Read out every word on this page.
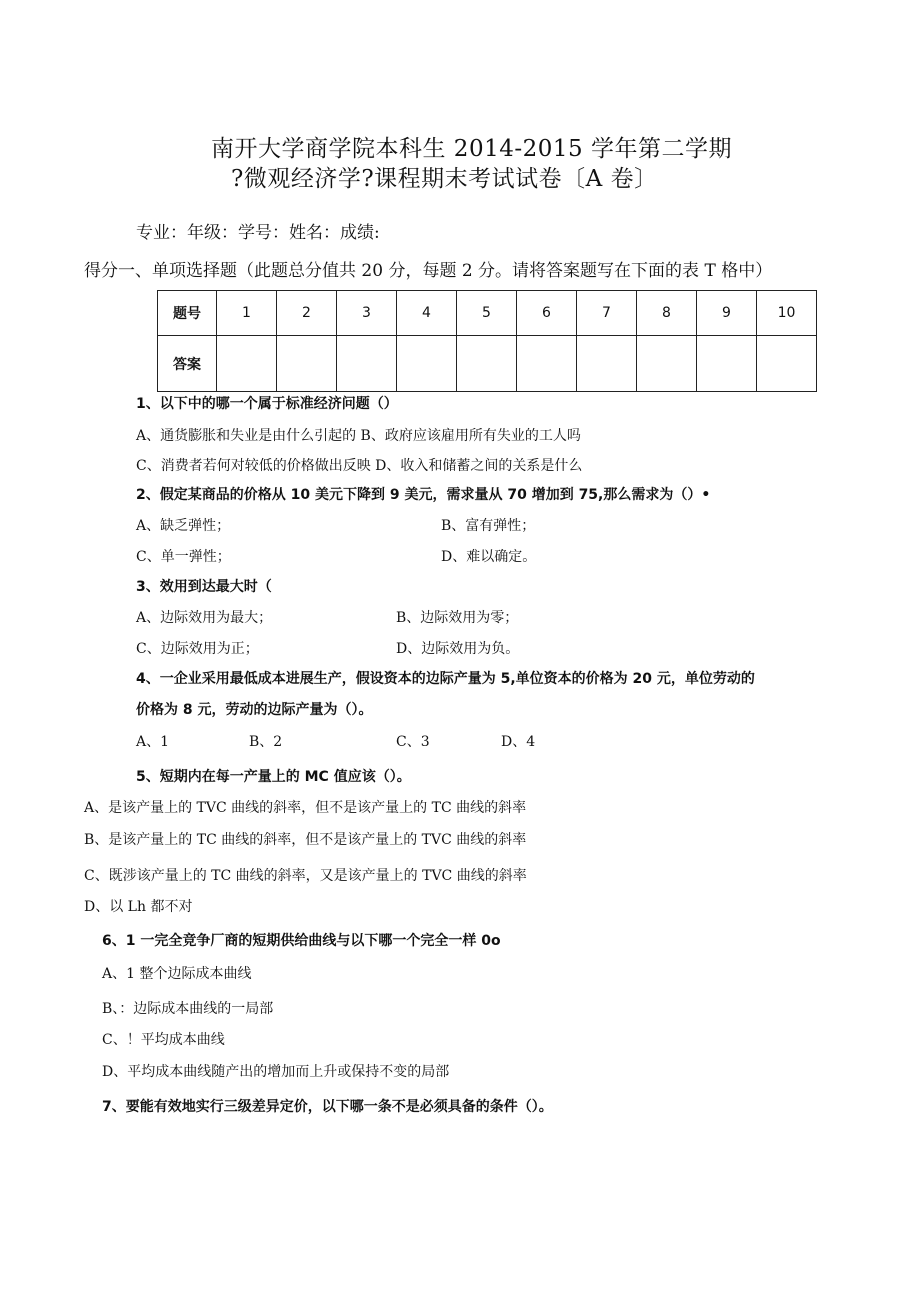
南开大学商学院本科生 2014-2015 学年第二学期
?微观经济学?课程期末考试试卷〔A 卷〕
专业：年级：学号：姓名：成绩:
得分一、单项选择题（此题总分值共 20 分，每题 2 分。请将答案题写在下面的表 T 格中）
题号	1	2	3	4	5	6	7	8	9	10
答案										
1、以下中的哪一个属于标准经济问题（）
A、通货膨胀和失业是由什么引起的 B、政府应该雇用所有失业的工人吗
C、消费者若何对较低的价格做出反映 D、收入和储蓄之间的关系是什么
2、假定某商品的价格从 10 美元下降到 9 美元，需求量从 70 增加到 75,那么需求为（）•
A、缺乏弹性；	B、富有弹性；
C、单一弹性；	D、难以确定。
3、效用到达最大时（
A、边际效用为最大；	B、边际效用为零；
C、边际效用为正；	D、边际效用为负。
4、一企业采用最低成本进展生产，假设资本的边际产量为 5,单位资本的价格为 20 元，单位劳动的
价格为 8 元，劳动的边际产量为（）。
A、1	B、2	C、3	D、4
5、短期内在每一产量上的 MC 值应该（）。
A、是该产量上的 TVC 曲线的斜率，但不是该产量上的 TC 曲线的斜率
B、是该产量上的 TC 曲线的斜率，但不是该产量上的 TVC 曲线的斜率
C、既涉该产量上的 TC 曲线的斜率，又是该产量上的 TVC 曲线的斜率
D、以 Lh 都不对
6、1 一完全竞争厂商的短期供给曲线与以下哪一个完全一样 0o
A、1 整个边际成本曲线
B、：边际成本曲线的一局部
C、！平均成本曲线
D、平均成本曲线随产出的增加而上升或保持不变的局部
7、要能有效地实行三级差异定价，以下哪一条不是必须具备的条件（）。
